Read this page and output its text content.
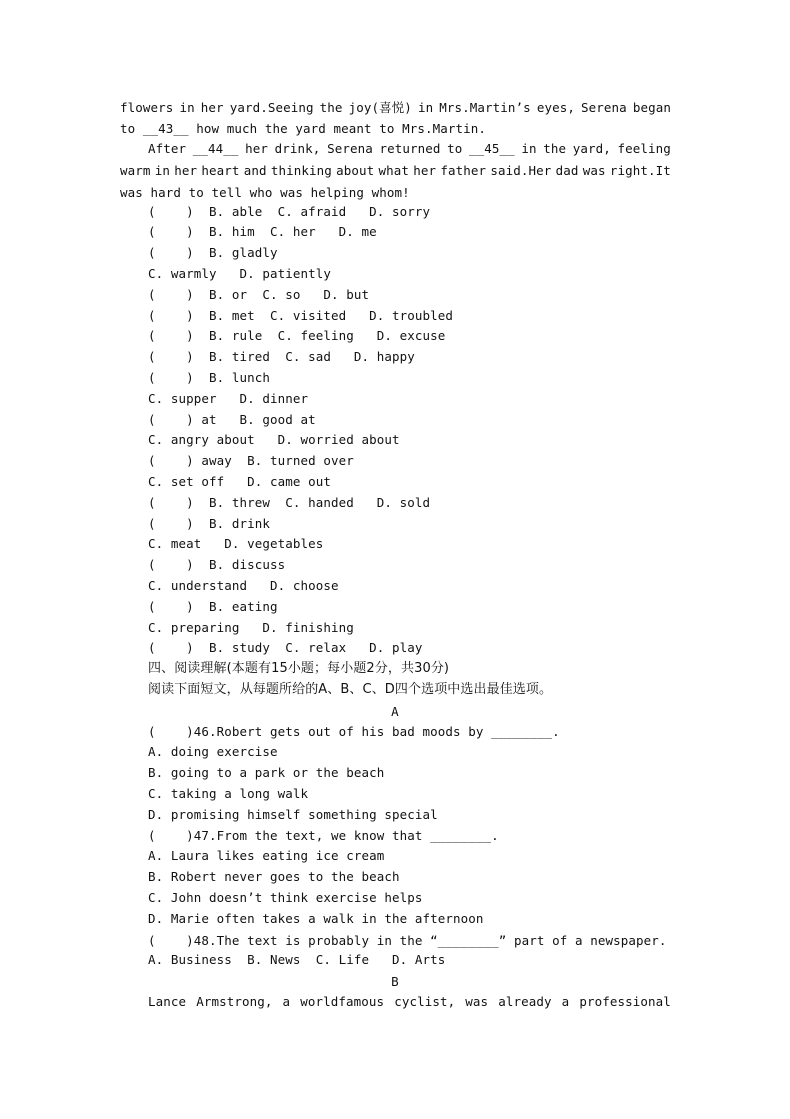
flowers in her yard.Seeing the joy(喜悦) in Mrs.Martin’s eyes, Serena began
to __43__ how much the yard meant to Mrs.Martin.
After __44__ her drink, Serena returned to __45__ in the yard, feeling
warm in her heart and thinking about what her father said.Her dad was right.It
was hard to tell who was helping whom!
(    )  B. able  C. afraid   D. sorry
(    )  B. him  C. her   D. me
(    )  B. gladly
C. warmly   D. patiently
(    )  B. or  C. so   D. but
(    )  B. met  C. visited   D. troubled
(    )  B. rule  C. feeling   D. excuse
(    )  B. tired  C. sad   D. happy
(    )  B. lunch
C. supper   D. dinner
(    ) at   B. good at
C. angry about   D. worried about
(    ) away  B. turned over
C. set off   D. came out
(    )  B. threw  C. handed   D. sold
(    )  B. drink
C. meat   D. vegetables
(    )  B. discuss
C. understand   D. choose
(    )  B. eating
C. preparing   D. finishing
(    )  B. study  C. relax   D. play
四、阅读理解(本题有15小题；每小题2分，共30分)
阅读下面短文，从每题所给的A、B、C、D四个选项中选出最佳选项。
A
(    )46.Robert gets out of his bad moods by ________.
A. doing exercise
B. going to a park or the beach
C. taking a long walk
D. promising himself something special
(    )47.From the text, we know that ________.
A. Laura likes eating ice cream
B. Robert never goes to the beach
C. John doesn’t think exercise helps
D. Marie often takes a walk in the afternoon
(    )48.The text is probably in the “________” part of a newspaper.
A. Business  B. News  C. Life   D. Arts
B
Lance Armstrong, a worldfamous cyclist, was already a professional
